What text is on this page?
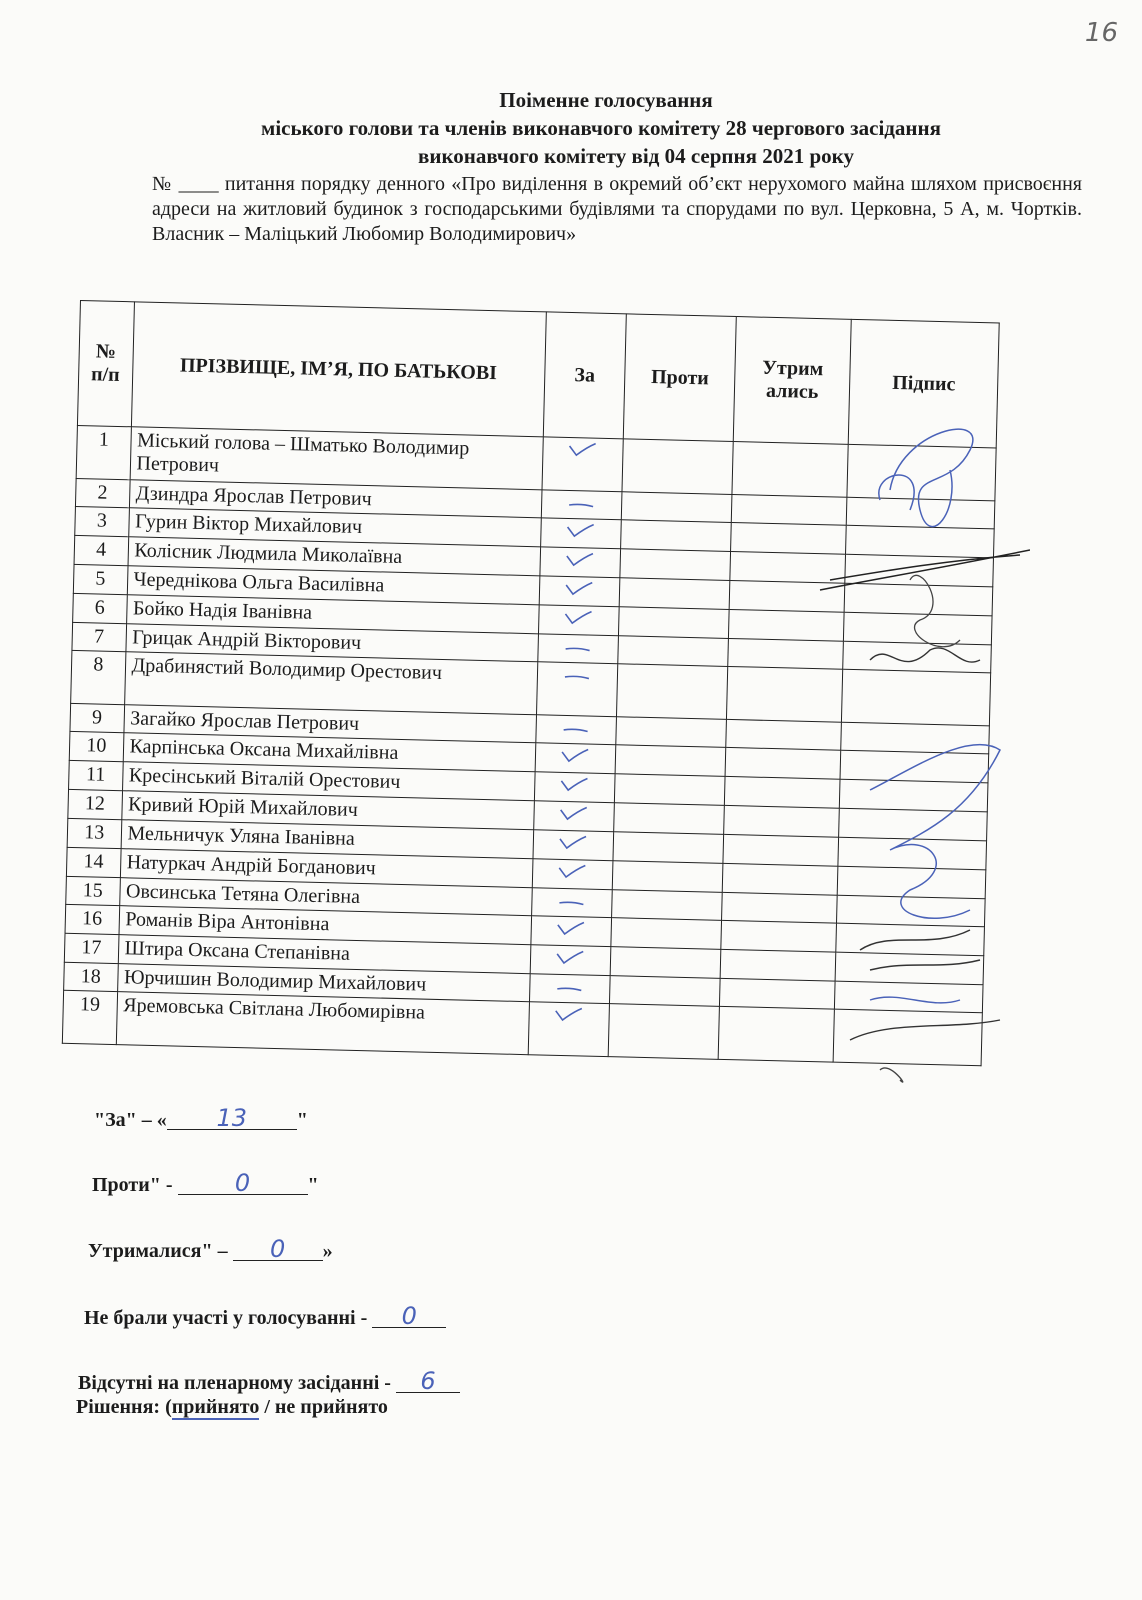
16
Поіменне голосування
міського голови та членів виконавчого комітету 28 чергового засідання
виконавчого комітету від 04 серпня 2021 року
№ ____ питання порядку денного «Про виділення в окремий об’єкт нерухомого майна шляхом присвоєння адреси на житловий будинок з господарськими будівлями та спорудами по вул. Церковна, 5 А, м. Чортків. Власник – Маліцький Любомир Володимирович»
№ п/п	ПРІЗВИЩЕ, ІМ’Я, ПО БАТЬКОВІ	За	Проти	Утрим ались	Підпис
1	Міський голова – Шматько Володимир Петрович				
2	Дзиндра Ярослав Петрович				
3	Гурин Віктор Михайлович				
4	Колісник Людмила Миколаївна				
5	Череднікова Ольга Василівна				
6	Бойко Надія Іванівна				
7	Грицак Андрій Вікторович				
8	Драбинястий Володимир Орестович				
9	Загайко Ярослав Петрович				
10	Карпінська Оксана Михайлівна				
11	Кресінський Віталій Орестович				
12	Кривий Юрій Михайлович				
13	Мельничук Уляна Іванівна				
14	Натуркач Андрій Богданович				
15	Овсинська Тетяна Олегівна				
16	Романів Віра Антонівна				
17	Штира Оксана Степанівна				
18	Юрчишин Володимир Михайлович				
19	Яремовська Світлана Любомирівна				
"За" – « 13 "
Проти" - 0	"
Утрималися" – 0 »
Не брали участі у голосуванні - 0
Відсутні на пленарному засіданні - 6
Рішення: (прийнято / не прийнято
